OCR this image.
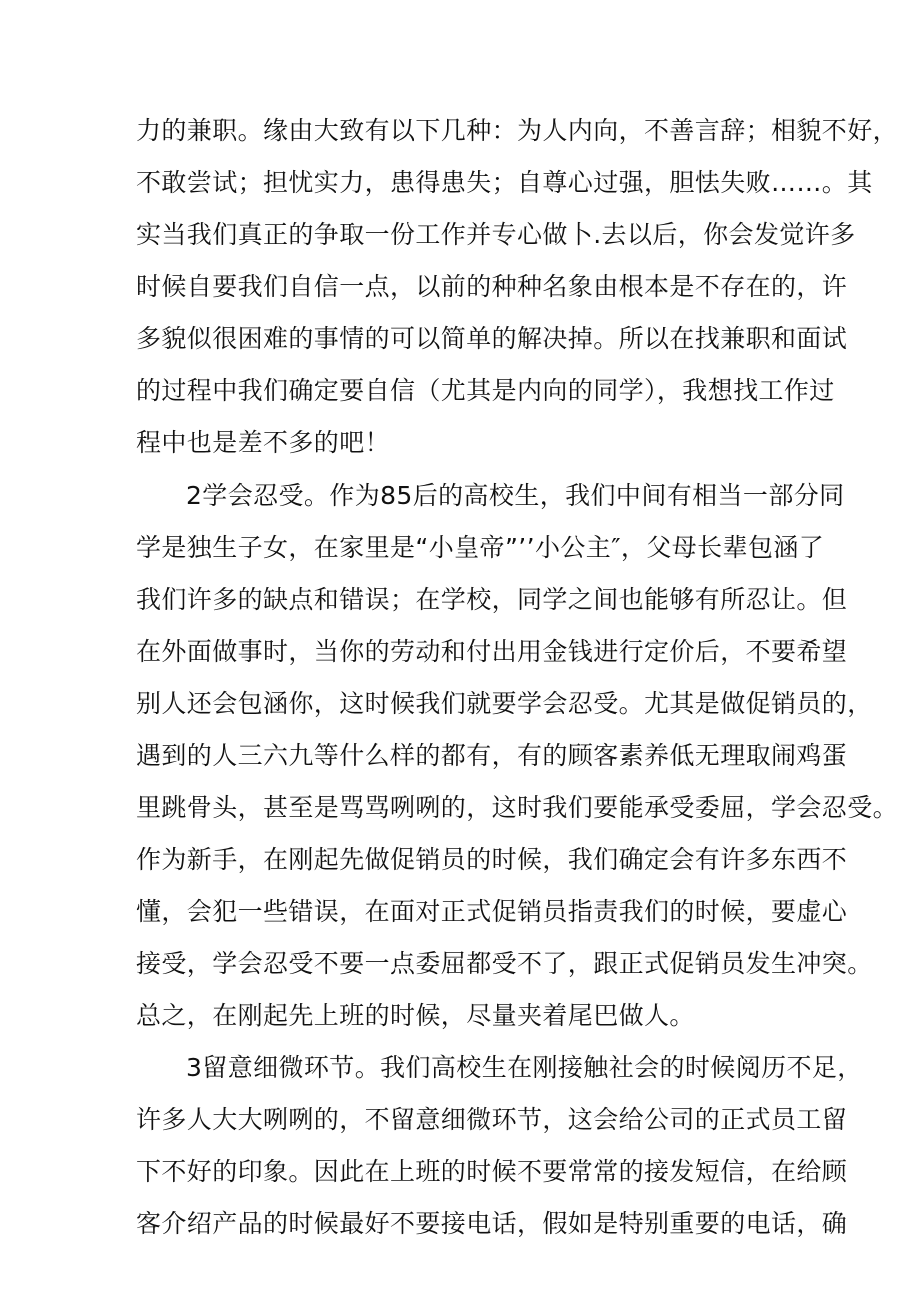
力的兼职。缘由大致有以下几种：为人内向，不善言辞；相貌不好，
不敢尝试；担忧实力，患得患失；自尊心过强，胆怯失败……。其
实当我们真正的争取一份工作并专心做卜.去以后，你会发觉许多
时候自要我们自信一点，以前的种种名象由根本是不存在的，许
多貌似很困难的事情的可以简单的解决掉。所以在找兼职和面试
的过程中我们确定要自信（尤其是内向的同学），我想找工作过
程中也是差不多的吧！
2学会忍受。作为85后的高校生，我们中间有相当一部分同
学是独生子女，在家里是“小皇帝”’’小公主″，父母长辈包涵了
我们许多的缺点和错误；在学校，同学之间也能够有所忍让。但
在外面做事时，当你的劳动和付出用金钱进行定价后，不要希望
别人还会包涵你，这时候我们就要学会忍受。尤其是做促销员的，
遇到的人三六九等什么样的都有，有的顾客素养低无理取闹鸡蛋
里跳骨头，甚至是骂骂咧咧的，这时我们要能承受委屈，学会忍受。
作为新手，在刚起先做促销员的时候，我们确定会有许多东西不
懂，会犯一些错误，在面对正式促销员指责我们的时候，要虚心
接受，学会忍受不要一点委屈都受不了，跟正式促销员发生冲突。
总之，在刚起先上班的时候，尽量夹着尾巴做人。
3留意细微环节。我们高校生在刚接触社会的时候阅历不足，
许多人大大咧咧的，不留意细微环节，这会给公司的正式员工留
下不好的印象。因此在上班的时候不要常常的接发短信，在给顾
客介绍产品的时候最好不要接电话，假如是特别重要的电话，确
